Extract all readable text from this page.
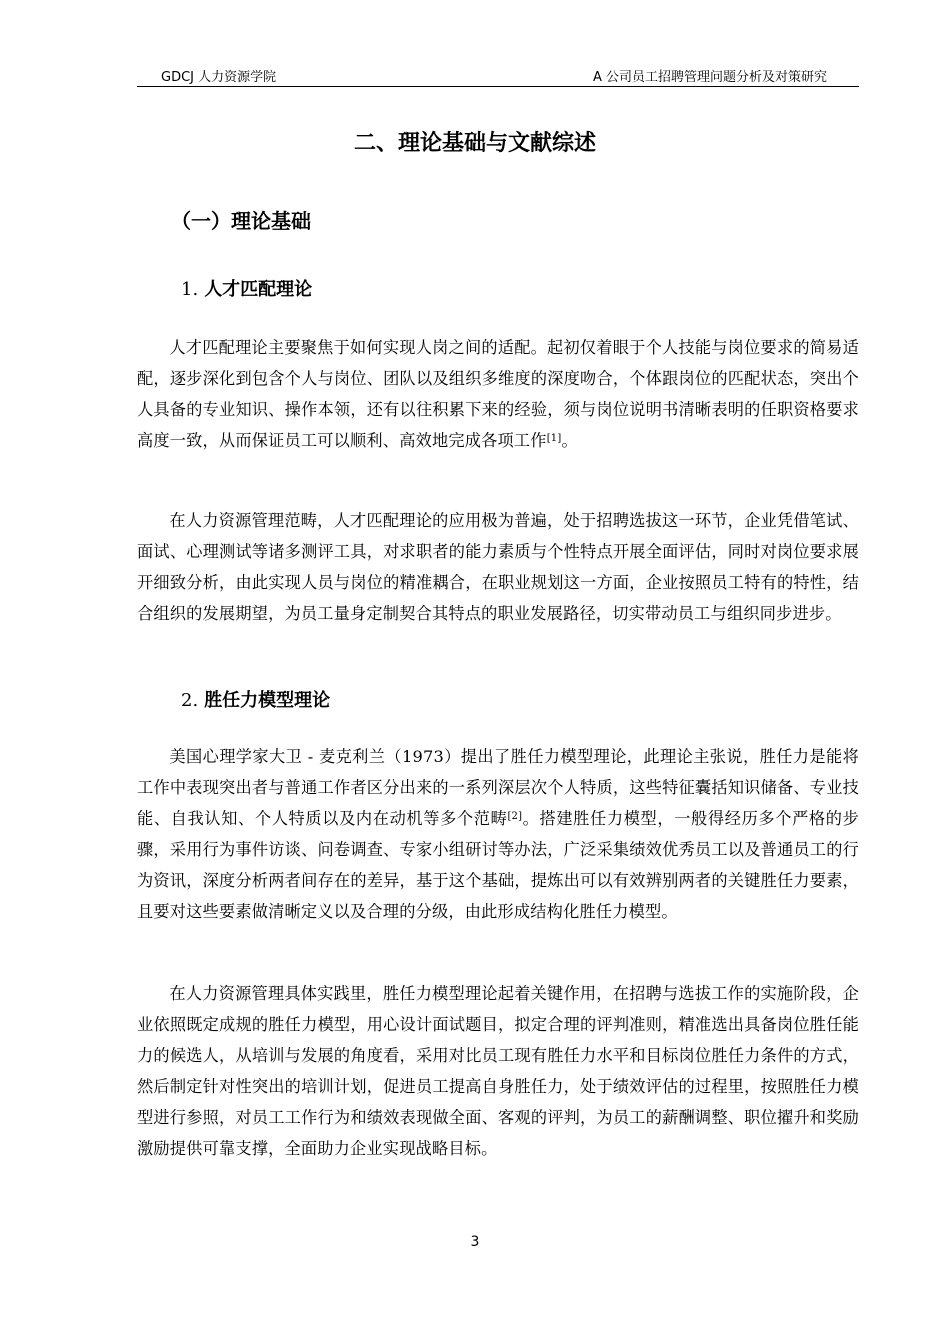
GDCJ 人力资源学院	A 公司员工招聘管理问题分析及对策研究
二、理论基础与文献综述
（一）理论基础
1. 人才匹配理论
人才匹配理论主要聚焦于如何实现人岗之间的适配。起初仅着眼于个人技能与岗位要求的简易适配，逐步深化到包含个人与岗位、团队以及组织多维度的深度吻合，个体跟岗位的匹配状态，突出个人具备的专业知识、操作本领，还有以往积累下来的经验，须与岗位说明书清晰表明的任职资格要求高度一致，从而保证员工可以顺利、高效地完成各项工作[1]。
在人力资源管理范畴，人才匹配理论的应用极为普遍，处于招聘选拔这一环节，企业凭借笔试、面试、心理测试等诸多测评工具，对求职者的能力素质与个性特点开展全面评估，同时对岗位要求展开细致分析，由此实现人员与岗位的精准耦合，在职业规划这一方面，企业按照员工特有的特性，结合组织的发展期望，为员工量身定制契合其特点的职业发展路径，切实带动员工与组织同步进步。
2. 胜任力模型理论
美国心理学家大卫 - 麦克利兰（1973）提出了胜任力模型理论，此理论主张说，胜任力是能将工作中表现突出者与普通工作者区分出来的一系列深层次个人特质，这些特征囊括知识储备、专业技能、自我认知、个人特质以及内在动机等多个范畴[2]。搭建胜任力模型，一般得经历多个严格的步骤，采用行为事件访谈、问卷调查、专家小组研讨等办法，广泛采集绩效优秀员工以及普通员工的行为资讯，深度分析两者间存在的差异，基于这个基础，提炼出可以有效辨别两者的关键胜任力要素，且要对这些要素做清晰定义以及合理的分级，由此形成结构化胜任力模型。
在人力资源管理具体实践里，胜任力模型理论起着关键作用，在招聘与选拔工作的实施阶段，企业依照既定成规的胜任力模型，用心设计面试题目，拟定合理的评判准则，精准选出具备岗位胜任能力的候选人，从培训与发展的角度看，采用对比员工现有胜任力水平和目标岗位胜任力条件的方式，然后制定针对性突出的培训计划，促进员工提高自身胜任力，处于绩效评估的过程里，按照胜任力模型进行参照，对员工工作行为和绩效表现做全面、客观的评判，为员工的薪酬调整、职位擢升和奖励激励提供可靠支撑，全面助力企业实现战略目标。
3
